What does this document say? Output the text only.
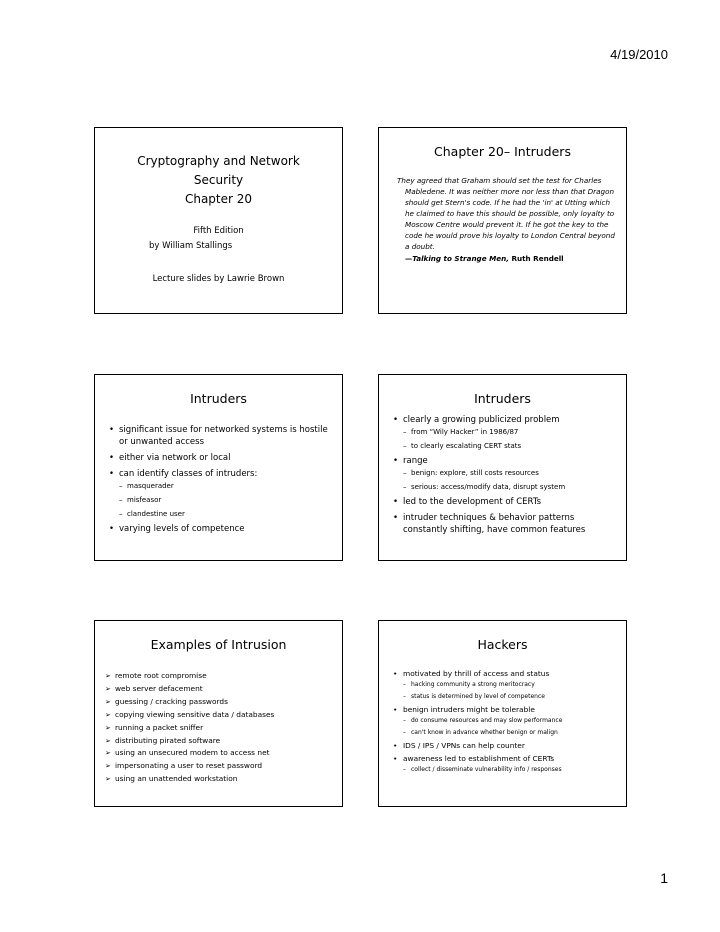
4/19/2010
Cryptography and Network
Security
Chapter 20
Fifth Edition
by William Stallings
Lecture slides by Lawrie Brown
Chapter 20– Intruders
They agreed that Graham should set the test for Charles Mabledene. It was neither more nor less than that Dragon should get Stern's code. If he had the 'in' at Utting which he claimed to have this should be possible, only loyalty to Moscow Centre would prevent it. If he got the key to the code he would prove his loyalty to London Central beyond a doubt.
—Talking to Strange Men, Ruth Rendell
Intruders
• significant issue for networked systems is hostile or unwanted access
• either via network or local
• can identify classes of intruders:
– masquerader
– misfeasor
– clandestine user
• varying levels of competence
Intruders
• clearly a growing publicized problem
– from “Wily Hacker” in 1986/87
– to clearly escalating CERT stats
• range
– benign: explore, still costs resources
– serious: access/modify data, disrupt system
• led to the development of CERTs
• intruder techniques & behavior patterns constantly shifting, have common features
Examples of Intrusion
➢ remote root compromise
➢ web server defacement
➢ guessing / cracking passwords
➢ copying viewing sensitive data / databases
➢ running a packet sniffer
➢ distributing pirated software
➢ using an unsecured modem to access net
➢ impersonating a user to reset password
➢ using an unattended workstation
Hackers
• motivated by thrill of access and status
– hacking community a strong meritocracy
– status is determined by level of competence
• benign intruders might be tolerable
– do consume resources and may slow performance
– can't know in advance whether benign or malign
• IDS / IPS / VPNs can help counter
• awareness led to establishment of CERTs
– collect / disseminate vulnerability info / responses
1
